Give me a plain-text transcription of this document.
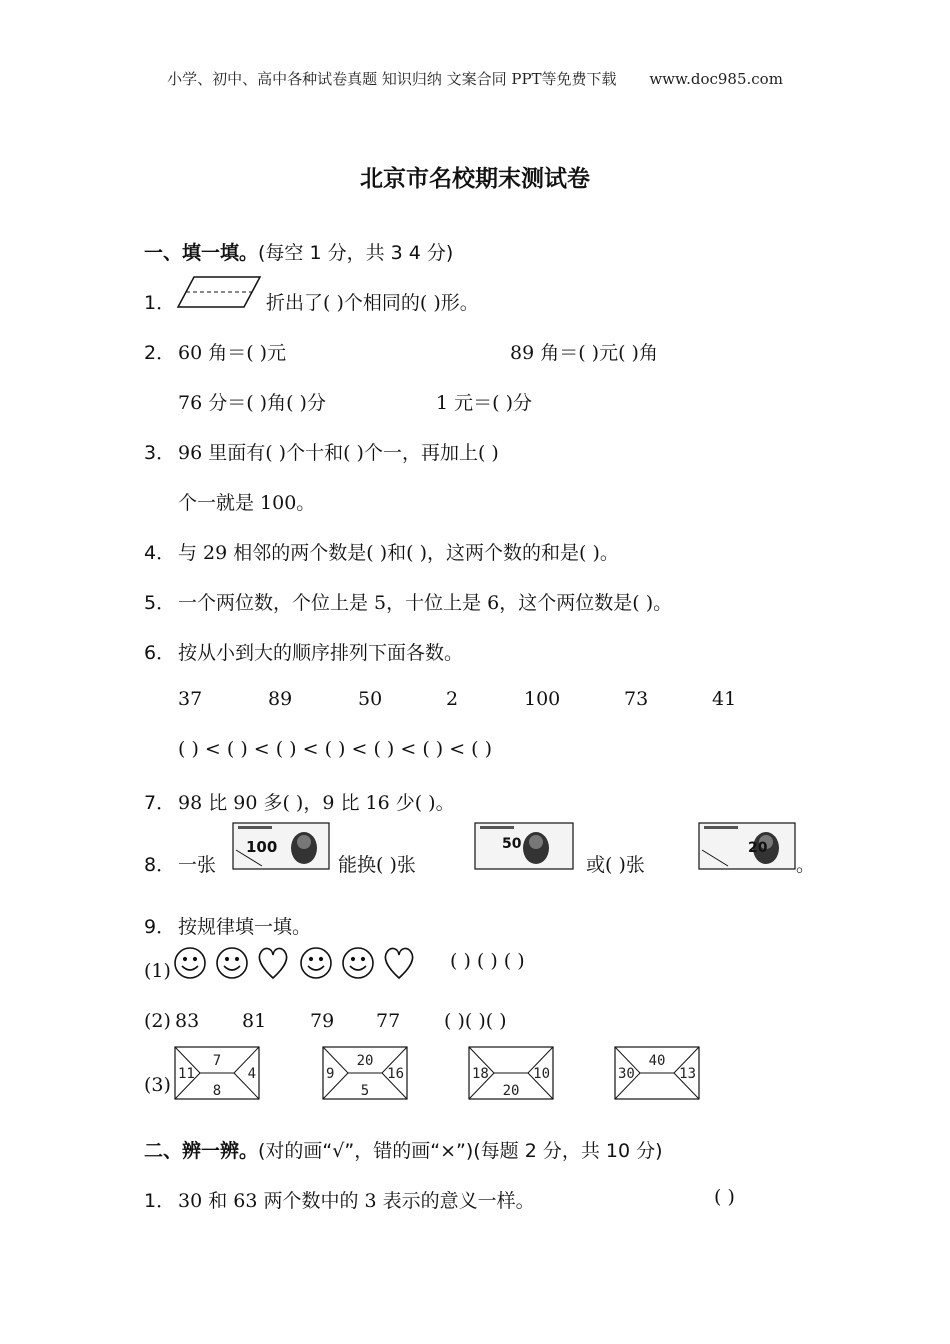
小学、初中、高中各种试卷真题 知识归纳 文案合同 PPT等免费下载 www.doc985.com
北京市名校期末测试卷
一、填一填。(每空 1 分，共 3 4 分)
1．	折出了( )个相同的( )形。
2． 60 角＝( )元	89 角＝( )元( )角
76 分＝( )角( )分	1 元＝( )分
3． 96 里面有( )个十和( )个一，再加上( )
个一就是 100。
4． 与 29 相邻的两个数是( )和( )，这两个数的和是( )。
5． 一个两位数，个位上是 5，十位上是 6，这个两位数是( )。
6． 按从小到大的顺序排列下面各数。
37	89	50	2	100	73	41
( ) < ( ) < ( ) < ( ) < ( ) < ( ) < ( )
7． 98 比 90 多( )，9 比 16 少( )。
8． 一张
100
能换( )张
50
或( )张
20
。
9． 按规律填一填。
(1)	( ) ( ) ( )
(2) 83 81 79 77 ( )( )( )
(3)
7
11	4
8
20
9	16
5
18	10
20
40
30	13
二、辨一辨。(对的画“√”，错的画“×”)(每题 2 分，共 10 分)
1． 30 和 63 两个数中的 3 表示的意义一样。	( )
